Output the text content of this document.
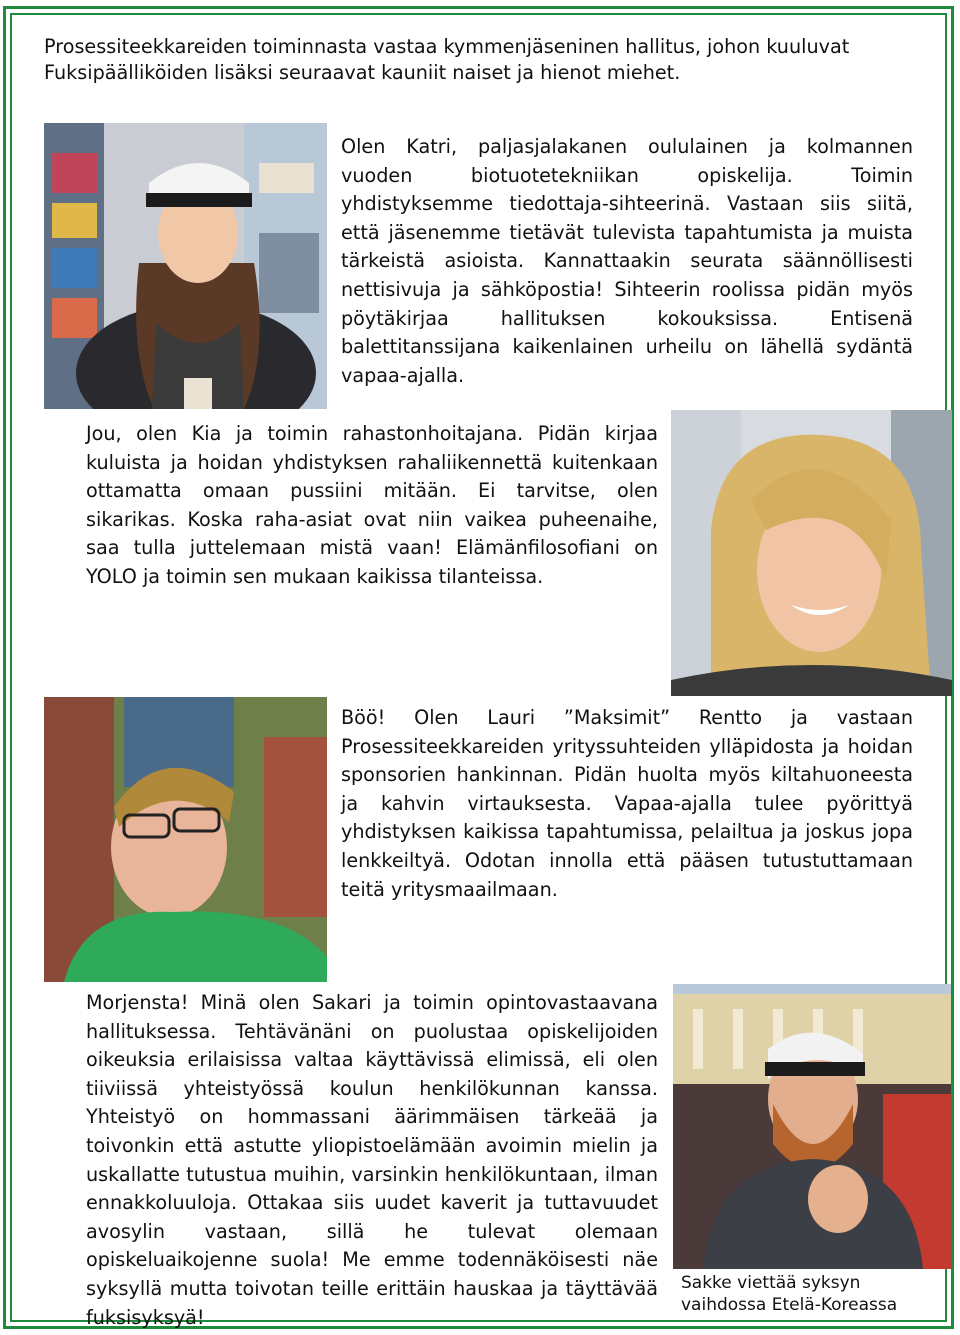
Prosessiteekkareiden toiminnasta vastaa kymmenjäseninen hallitus, johon kuuluvat Fuksipäälliköiden lisäksi seuraavat kauniit naiset ja hienot miehet.

Olen Katri, paljasjalakanen oululainen ja kolmannen vuoden biotuotetekniikan opiskelija. Toimin yhdistyksemme tiedottaja-sihteerinä. Vastaan siis siitä, että jäsenemme tietävät tulevista tapahtumista ja muista tärkeistä asioista. Kannattaakin seurata säännöllisesti nettisivuja ja sähköpostia! Sihteerin roolissa pidän myös pöytäkirjaa hallituksen kokouksissa. Entisenä balettitanssijana kaikenlainen urheilu on lähellä sydäntä vapaa-ajalla.

Jou, olen Kia ja toimin rahastonhoitajana. Pidän kirjaa kuluista ja hoidan yhdistyksen rahaliikennettä kuitenkaan ottamatta omaan pussiini mitään. Ei tarvitse, olen sikarikas. Koska raha-asiat ovat niin vaikea puheenaihe, saa tulla juttelemaan mistä vaan! Elämänfilosofiani on YOLO ja toimin sen mukaan kaikissa tilanteissa.

Böö! Olen Lauri ”Maksimit” Rentto ja vastaan Prosessiteekkareiden yrityssuhteiden ylläpidosta ja hoidan sponsorien hankinnan. Pidän huolta myös kiltahuoneesta ja kahvin virtauksesta. Vapaa-ajalla tulee pyörittyä yhdistyksen kaikissa tapahtumissa, pelailtua ja joskus jopa lenkkeiltyä. Odotan innolla että pääsen tutustuttamaan teitä yritysmaailmaan.

Morjensta! Minä olen Sakari ja toimin opintovastaavana hallituksessa. Tehtävänäni on puolustaa opiskelijoiden oikeuksia erilaisissa valtaa käyttävissä elimissä, eli olen tiiviissä yhteistyössä koulun henkilökunnan kanssa. Yhteistyö on hommassani äärimmäisen tärkeää ja toivonkin että astutte yliopistoelämään avoimin mielin ja uskallatte tutustua muihin, varsinkin henkilökuntaan, ilman ennakkoluuloja. Ottakaa siis uudet kaverit ja tuttavuudet avosylin vastaan, sillä he tulevat olemaan opiskeluaikojenne suola! Me emme todennäköisesti näe syksyllä mutta toivotan teille erittäin hauskaa ja täyttävää fuksisyksyä!

Sakke viettää syksyn vaihdossa Etelä-Koreassa
